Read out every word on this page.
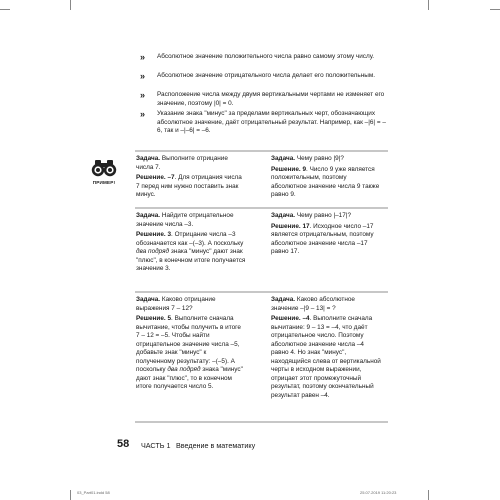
» Абсолютное значение положительного числа равно самому этому числу.
» Абсолютное значение отрицательного числа делает его положительным.
» Расположение числа между двумя вертикальными чертами не изменяет его значение, поэтому |0| = 0.
» Указание знака "минус" за пределами вертикальных черт, обозначающих абсолютное значение, даёт отрицательный результат. Например, как –|6| = –6, так и –|–6| = –6.
ПРИМЕР!

Задача. Выполните отрицание числа 7.

Решение. –7. Для отрицания числа 7 перед ним нужно поставить знак минус.

Задача. Чему равно |9|?

Решение. 9. Число 9 уже является положительным, поэтому абсолютное значение числа 9 также равно 9.

Задача. Найдите отрицательное значение числа –3.

Решение. 3. Отрицание числа –3 обозначается как –(–3). А поскольку два подряд знака "минус" дают знак "плюс", в конечном итоге получается значение 3.

Задача. Чему равно |–17|?

Решение. 17. Исходное число –17 является отрицательным, поэтому абсолютное значение числа –17 равно 17.

Задача. Каково отрицание выражения 7 – 12?

Решение. 5. Выполните сначала вычитание, чтобы получить в итоге 7 – 12 = –5. Чтобы найти отрицательное значение числа –5, добавьте знак "минус" к полученному результату: –(–5). А поскольку два подряд знака "минус" дают знак "плюс", то в конечном итоге получается число 5.

Задача. Каково абсолютное значение –|9 – 13| = ?

Решение. –4. Выполните сначала вычитание: 9 – 13 = –4, что даёт отрицательное число. Поэтому абсолютное значение числа –4 равно 4. Но знак "минус", находящийся слева от вертикальной черты в исходном выражении, отрицает этот промежуточный результат, поэтому окончательный результат равен –4.

58 ЧАСТЬ 1 Введение в математику
03_Part01.indd 58	25.07.2019 11:20:23
